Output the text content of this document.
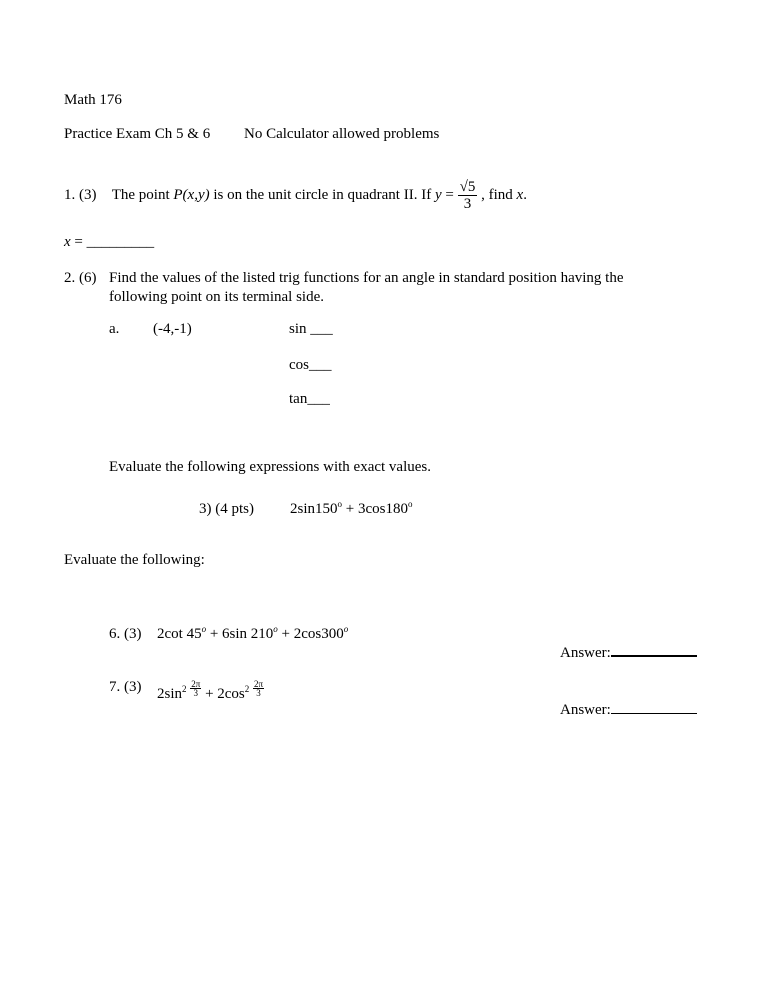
Math 176
Practice Exam Ch 5 & 6 No Calculator allowed problems
1. (3) The point P(x,y) is on the unit circle in quadrant II. If $y = \frac{√5}{3}$ , find x.
x = _________
2. (6) Find the values of the listed trig functions for an angle in standard position having the
following point on its terminal side.
a. (-4,-1)	sin ___
cos___
tan___
Evaluate the following expressions with exact values.
3) (4 pts) $2\sin 150^o + 3\cos 180^o$
Evaluate the following:
6. (3) 2cot $45^o + 6\sin$ $210^o + 2\cos 300^o$
Answer:
7. (3) $2\sin^2 \frac{2\pi}{3} + 2\cos^2 \frac{2\pi}{3}$
Answer:
